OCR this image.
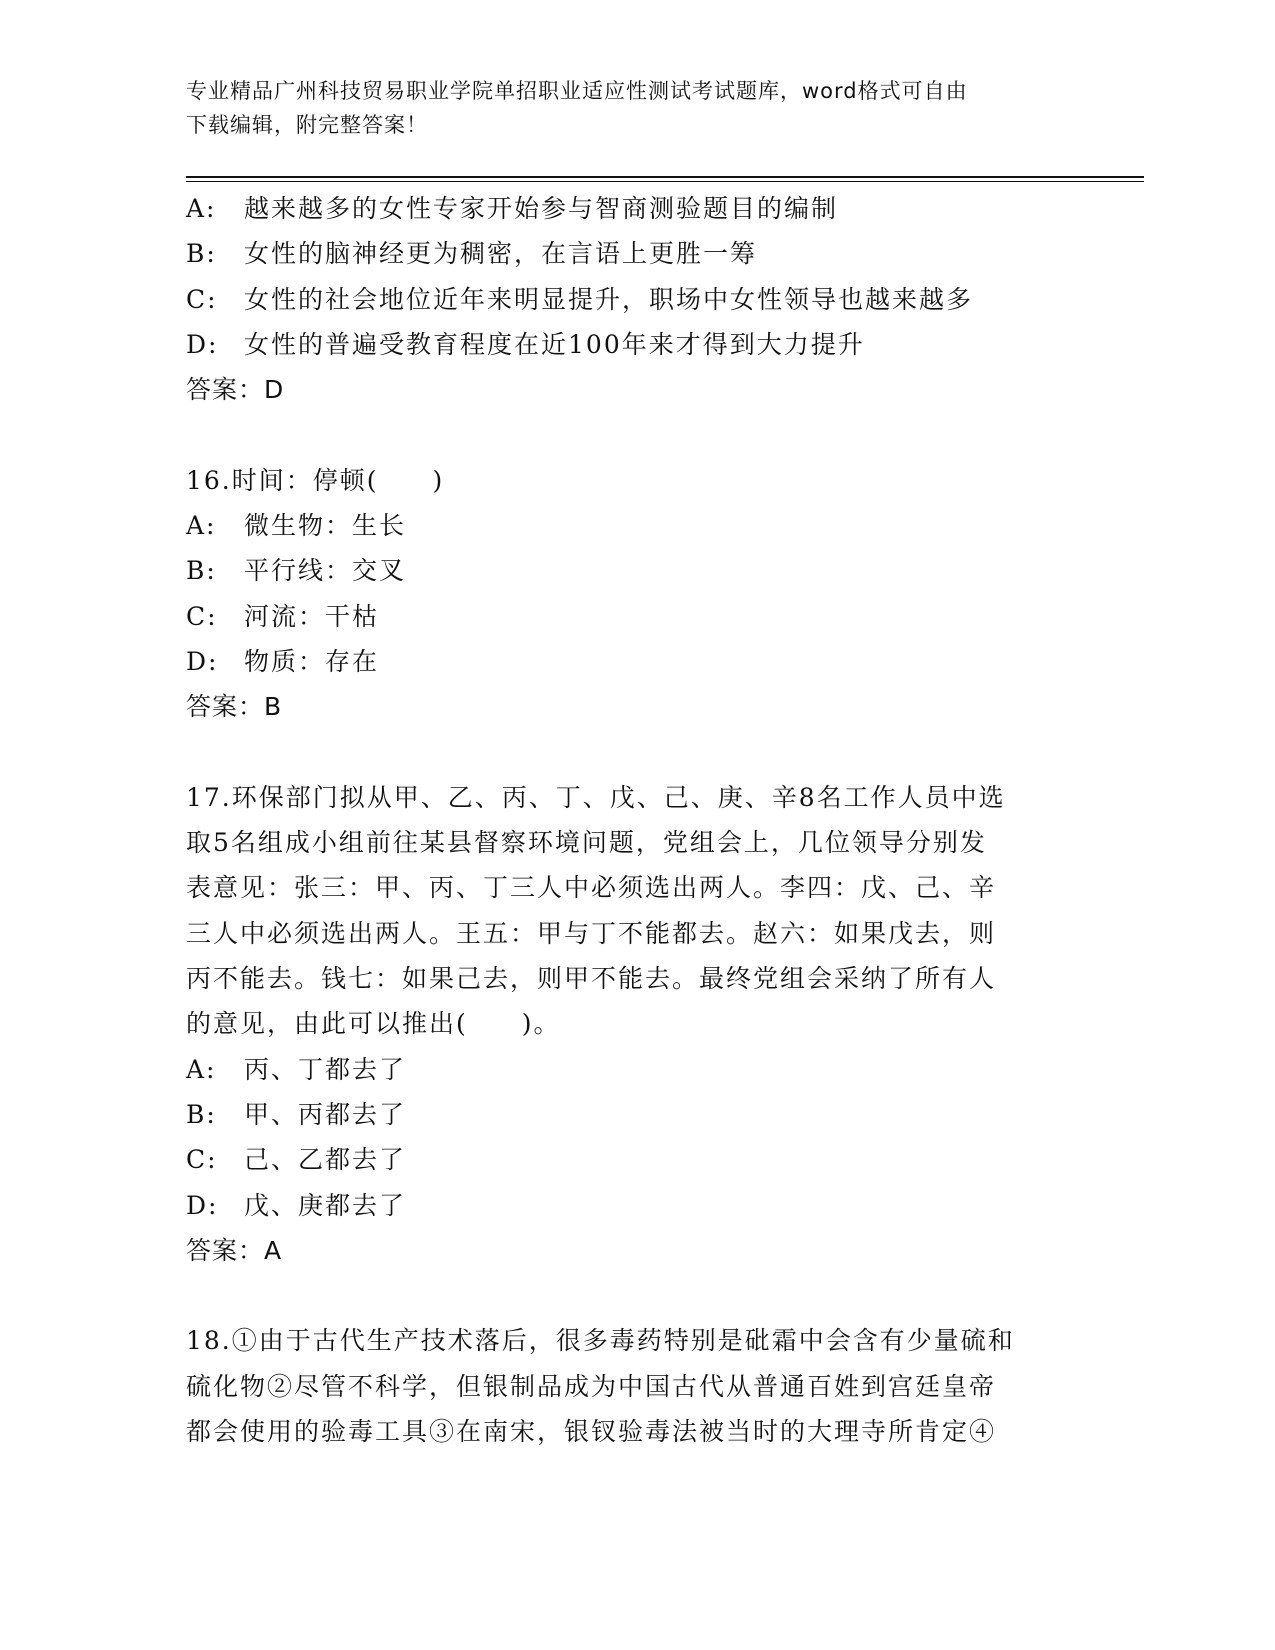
专业精品广州科技贸易职业学院单招职业适应性测试考试题库，word格式可自由
下载编辑，附完整答案！
A: 越来越多的女性专家开始参与智商测验题目的编制
B: 女性的脑神经更为稠密，在言语上更胜一筹
C: 女性的社会地位近年来明显提升，职场中女性领导也越来越多
D: 女性的普遍受教育程度在近100年来才得到大力提升
答案：D
16.时间：停顿(　　)
A: 微生物：生长
B: 平行线：交叉
C: 河流：干枯
D: 物质：存在
答案：B
17.环保部门拟从甲、乙、丙、丁、戊、己、庚、辛8名工作人员中选
取5名组成小组前往某县督察环境问题，党组会上，几位领导分别发
表意见：张三：甲、丙、丁三人中必须选出两人。李四：戊、己、辛
三人中必须选出两人。王五：甲与丁不能都去。赵六：如果戊去，则
丙不能去。钱七：如果己去，则甲不能去。最终党组会采纳了所有人
的意见，由此可以推出(　　)。
A: 丙、丁都去了
B: 甲、丙都去了
C: 己、乙都去了
D: 戊、庚都去了
答案：A
18.①由于古代生产技术落后，很多毒药特别是砒霜中会含有少量硫和
硫化物②尽管不科学，但银制品成为中国古代从普通百姓到宫廷皇帝
都会使用的验毒工具③在南宋，银钗验毒法被当时的大理寺所肯定④
